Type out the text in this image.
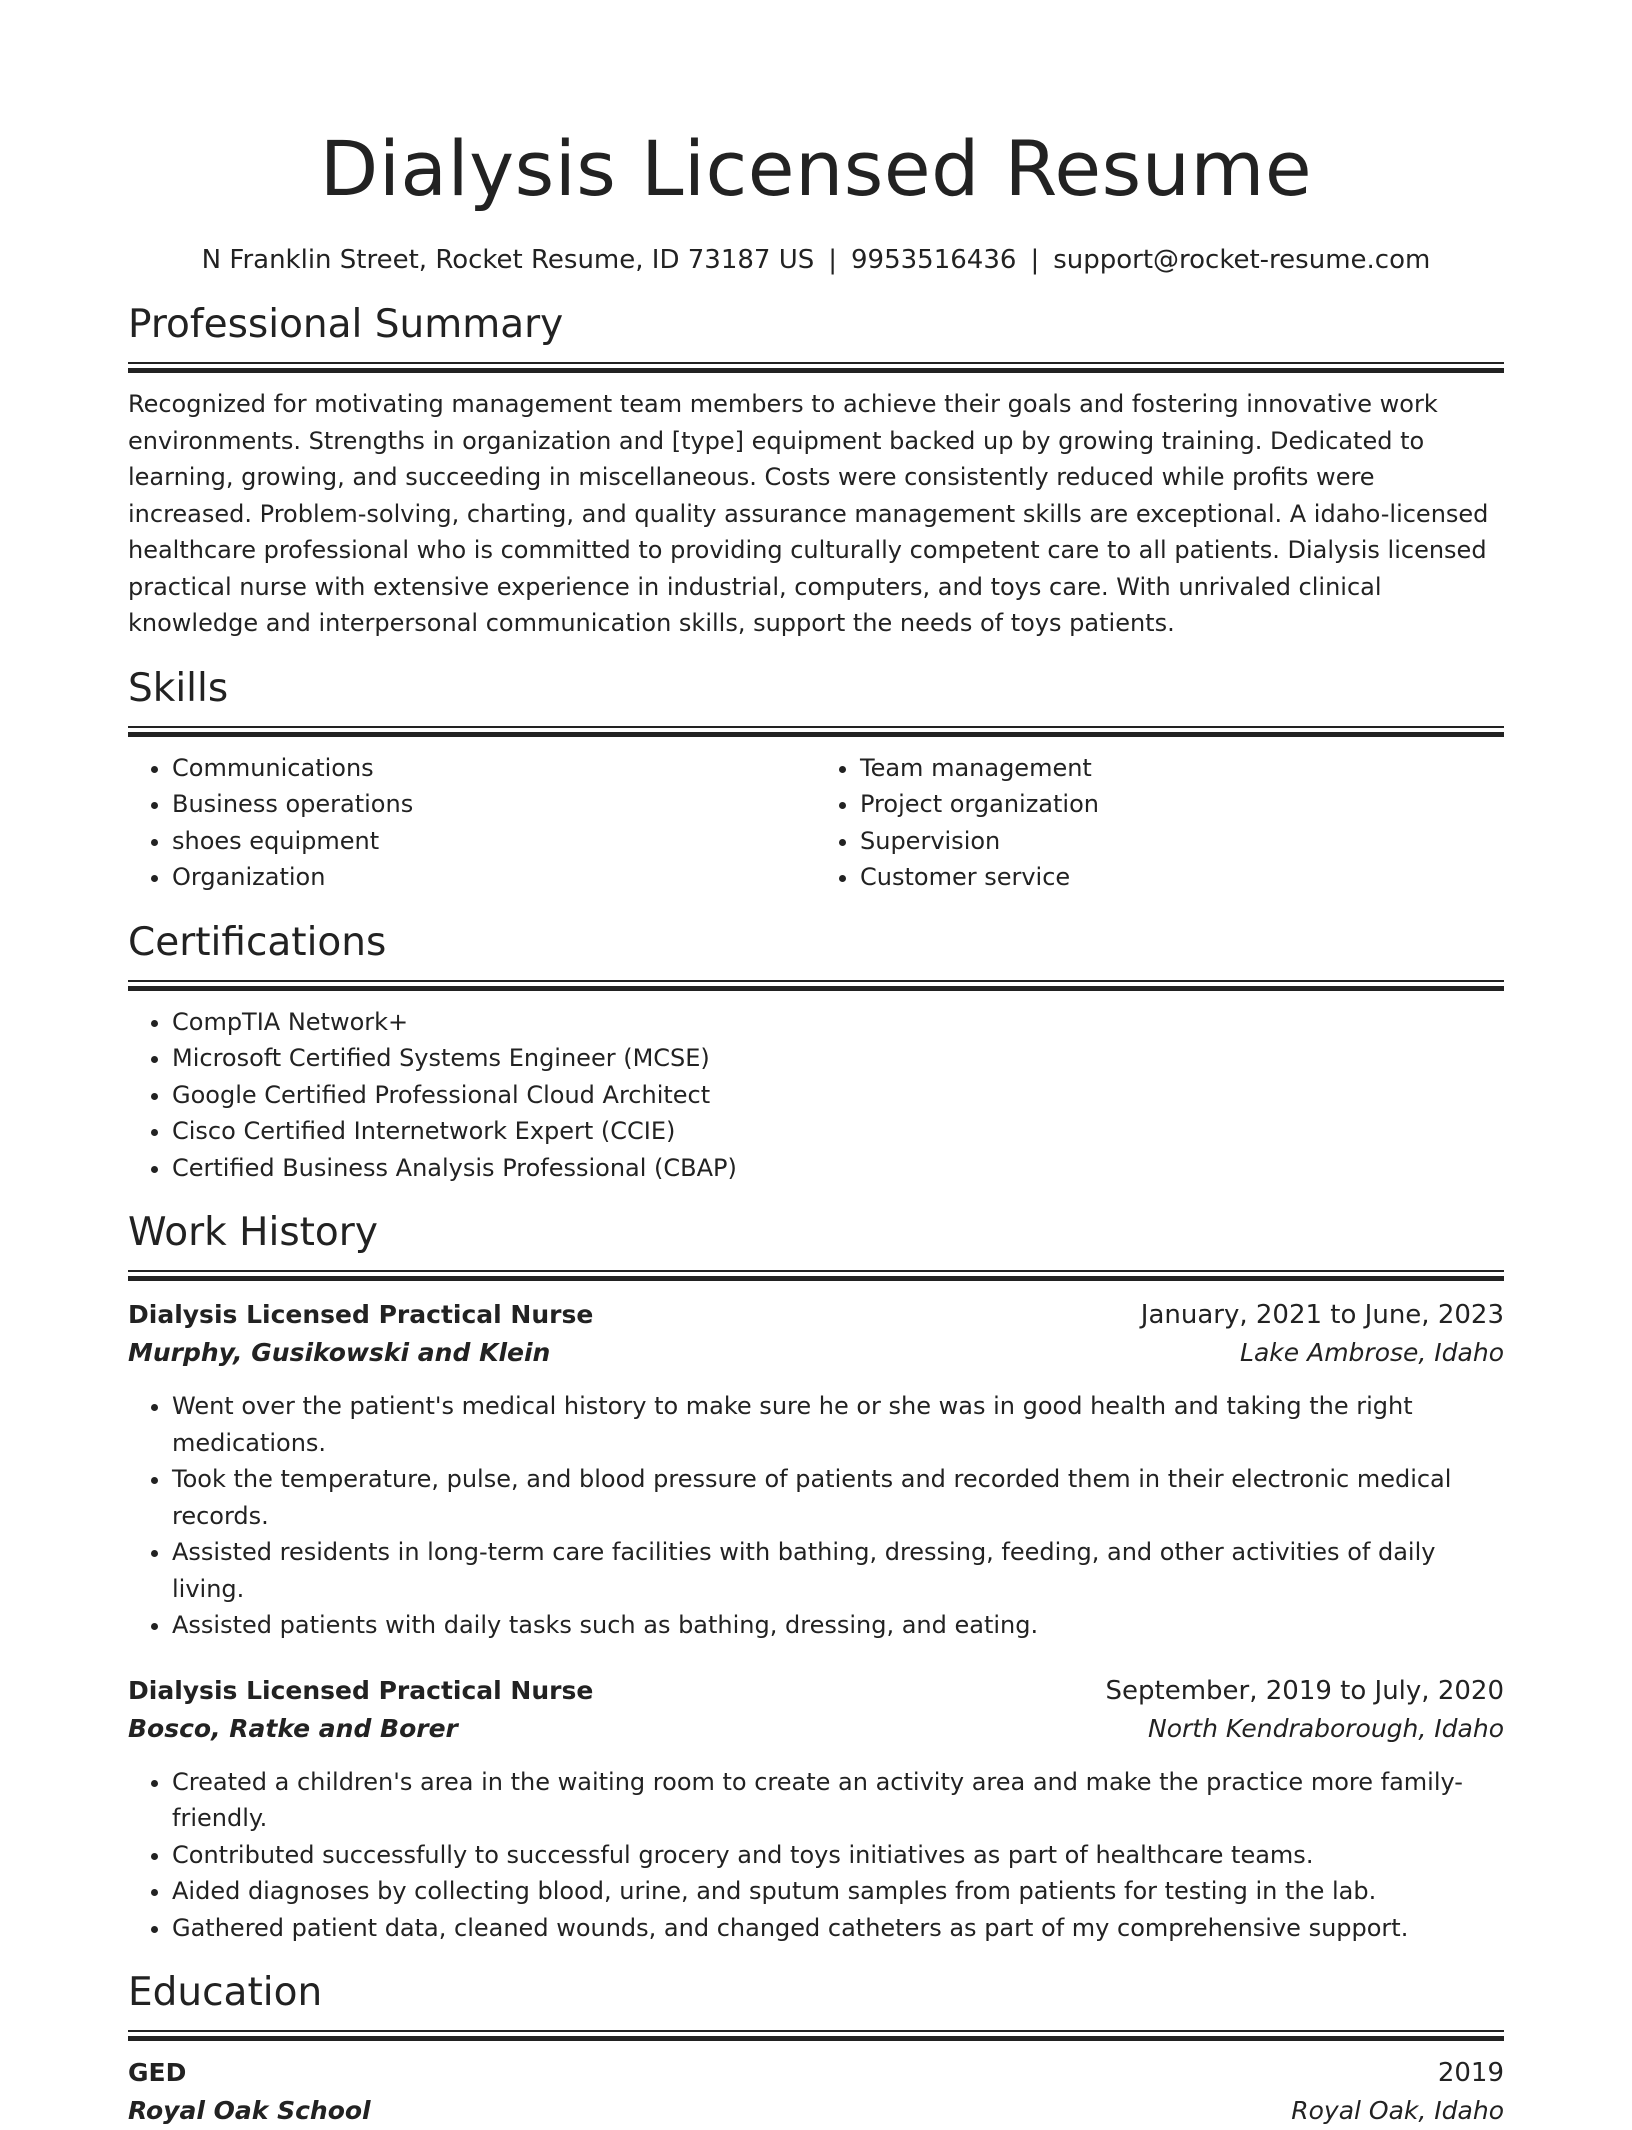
Dialysis Licensed Resume
N Franklin Street, Rocket Resume, ID 73187 US | 9953516436 | support@rocket-resume.com
Professional Summary

Recognized for motivating management team members to achieve their goals and fostering innovative work environments. Strengths in organization and [type] equipment backed up by growing training. Dedicated to learning, growing, and succeeding in miscellaneous. Costs were consistently reduced while profits were increased. Problem-solving, charting, and quality assurance management skills are exceptional. A idaho-licensed healthcare professional who is committed to providing culturally competent care to all patients. Dialysis licensed practical nurse with extensive experience in industrial, computers, and toys care. With unrivaled clinical knowledge and interpersonal communication skills, support the needs of toys patients.

Skills
• Communications
• Business operations
• shoes equipment
• Organization
• Team management
• Project organization
• Supervision
• Customer service
Certifications
• CompTIA Network+
• Microsoft Certified Systems Engineer (MCSE)
• Google Certified Professional Cloud Architect
• Cisco Certified Internetwork Expert (CCIE)
• Certified Business Analysis Professional (CBAP)
Work History
Dialysis Licensed Practical Nurse	January, 2021 to June, 2023
Murphy, Gusikowski and Klein	Lake Ambrose, Idaho
• Went over the patient's medical history to make sure he or she was in good health and taking the right medications.
• Took the temperature, pulse, and blood pressure of patients and recorded them in their electronic medical records.
• Assisted residents in long-term care facilities with bathing, dressing, feeding, and other activities of daily living.
• Assisted patients with daily tasks such as bathing, dressing, and eating.
Dialysis Licensed Practical Nurse	September, 2019 to July, 2020
Bosco, Ratke and Borer	North Kendraborough, Idaho
• Created a children's area in the waiting room to create an activity area and make the practice more family-friendly.
• Contributed successfully to successful grocery and toys initiatives as part of healthcare teams.
• Aided diagnoses by collecting blood, urine, and sputum samples from patients for testing in the lab.
• Gathered patient data, cleaned wounds, and changed catheters as part of my comprehensive support.
Education
GED	2019
Royal Oak School	Royal Oak, Idaho
